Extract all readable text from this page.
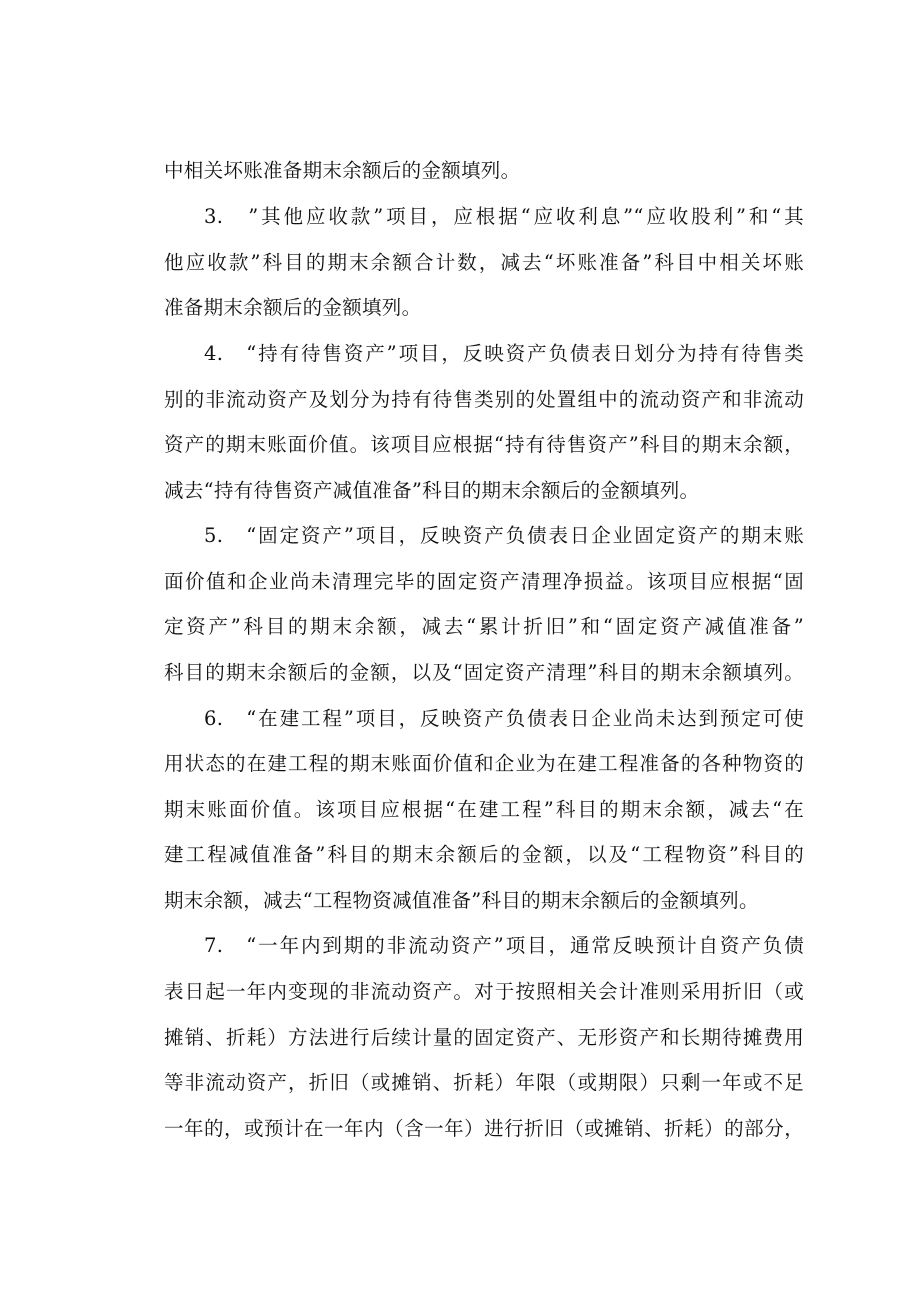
中相关坏账准备期末余额后的金额填列。
3.　”其他应收款”项目，应根据“应收利息”“应收股利”和“其
他应收款”科目的期末余额合计数，减去“坏账准备”科目中相关坏账
准备期末余额后的金额填列。
4.　“持有待售资产”项目，反映资产负债表日划分为持有待售类
别的非流动资产及划分为持有待售类别的处置组中的流动资产和非流动
资产的期末账面价值。该项目应根据“持有待售资产”科目的期末余额，
减去“持有待售资产减值准备”科目的期末余额后的金额填列。
5.　“固定资产”项目，反映资产负债表日企业固定资产的期末账
面价值和企业尚未清理完毕的固定资产清理净损益。该项目应根据“固
定资产”科目的期末余额，减去“累计折旧”和“固定资产减值准备”
科目的期末余额后的金额，以及“固定资产清理”科目的期末余额填列。
6.　“在建工程”项目，反映资产负债表日企业尚未达到预定可使
用状态的在建工程的期末账面价值和企业为在建工程准备的各种物资的
期末账面价值。该项目应根据“在建工程”科目的期末余额，减去“在
建工程减值准备”科目的期末余额后的金额，以及“工程物资”科目的
期末余额，减去“工程物资减值准备”科目的期末余额后的金额填列。
7.　“一年内到期的非流动资产”项目，通常反映预计自资产负债
表日起一年内变现的非流动资产。对于按照相关会计准则采用折旧（或
摊销、折耗）方法进行后续计量的固定资产、无形资产和长期待摊费用
等非流动资产，折旧（或摊销、折耗）年限（或期限）只剩一年或不足
一年的，或预计在一年内（含一年）进行折旧（或摊销、折耗）的部分，
